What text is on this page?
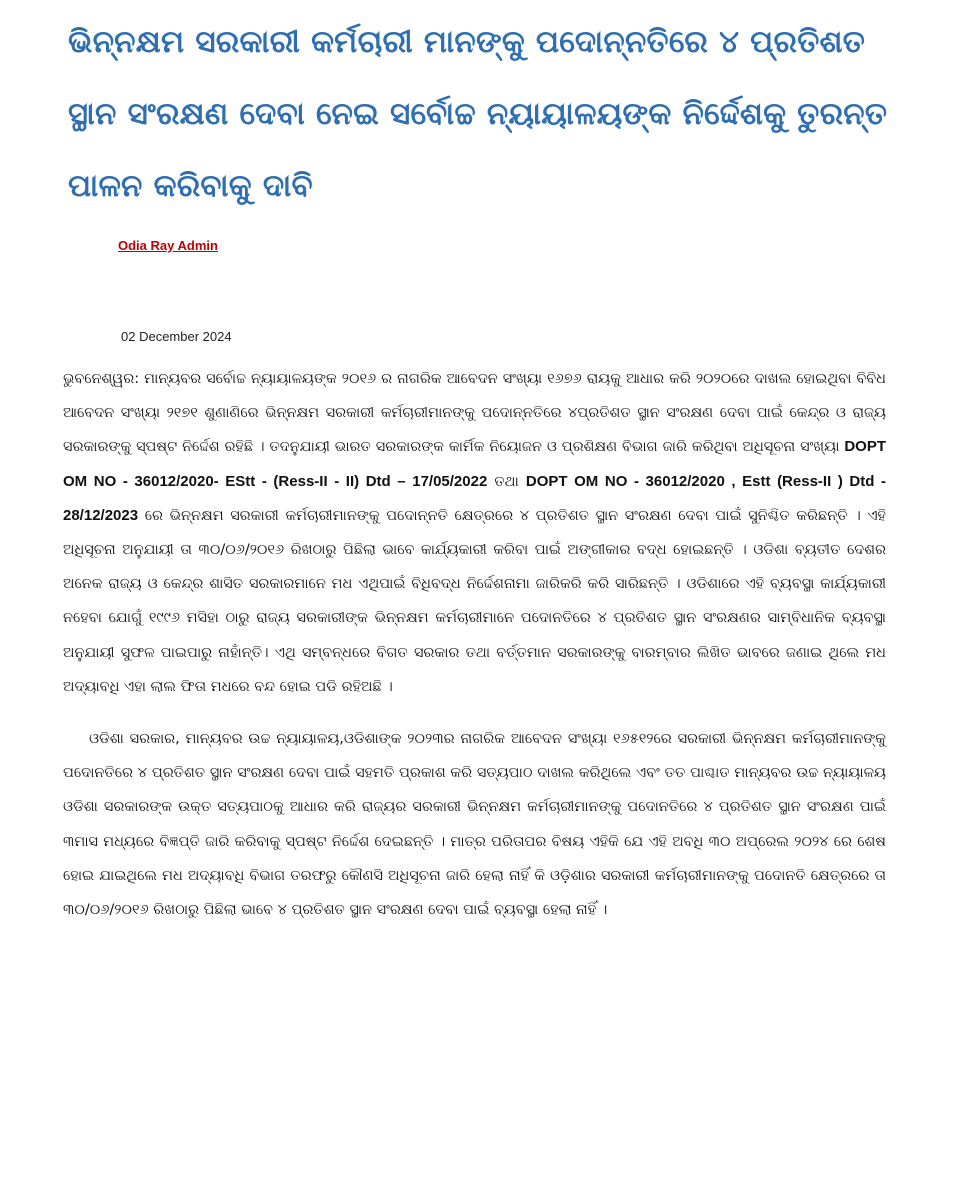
ଭିନ୍ନକ୍ଷମ ସରକାରୀ କର୍ମଚାରୀ ମାନଙ୍କୁ ପଦୋନ୍ନତିରେ ୪ ପ୍ରତିଶତ ସ୍ଥାନ ସଂରକ୍ଷଣ ଦେବା ନେଇ ସର୍ବୋଚ୍ଚ ନ୍ୟାୟାଳୟଙ୍କ ନିର୍ଦ୍ଦେଶକୁ ତୁରନ୍ତ ପାଳନ କରିବାକୁ ଦାବି
Odia Ray Admin
02 December 2024

ଭୁବନେଶ୍ୱର: ମାନ୍ୟବର ସର୍ବୋଚ୍ଚ ନ୍ୟାୟାଳୟଙ୍କ ୨୦୧୬ ର ନାଗରିକ ଆବେଦନ ସଂଖ୍ୟା ୧୬୭୬ ରାୟକୁ ଆଧାର କରି ୨୦୨୦ରେ ଦାଖଲ ହୋଇଥିବା ବିବିଧ ଆବେଦନ ସଂଖ୍ୟା ୨୧୭୧ ଶୁଣାଣିରେ ଭିନ୍ନକ୍ଷମ ସରକାରୀ କର୍ମଚାରୀମାନଙ୍କୁ ପଦୋନ୍ନତିରେ ୪ପ୍ରତିଶତ ସ୍ଥାନ ସଂରକ୍ଷଣ ଦେବା ପାଇଁ କେନ୍ଦ୍ର ଓ ରାଜ୍ୟ ସରକାରଙ୍କୁ ସ୍ପଷ୍ଟ ନିର୍ଦ୍ଦେଶ ରହିଛି । ତଦନୁଯାୟୀ ଭାରତ ସରକାରଙ୍କ କାର୍ମିକ ନିୟୋଜନ ଓ ପ୍ରଶିକ୍ଷଣ ବିଭାଗ ଜାରି କରିଥିବା ଅଧିସୂଚନା ସଂଖ୍ୟା DOPT OM NO - 36012/2020- EStt - (Ress-II - II) Dtd – 17/05/2022 ତଥା DOPT OM NO - 36012/2020 , Estt (Ress-II ) Dtd - 28/12/2023 ରେ ଭିନ୍ନକ୍ଷମ ସରକାରୀ କର୍ମଚାରୀମାନଙ୍କୁ ପଦୋନ୍ନତି କ୍ଷେତ୍ରରେ ୪ ପ୍ରତିଶତ ସ୍ଥାନ ସଂରକ୍ଷଣ ଦେବା ପାଇଁ ସୁନିଶ୍ଚିତ କରିଛନ୍ତି । ଏହି ଅଧିସୂଚନା ଅନୁଯାୟୀ ତା ୩୦/୦୬/୨୦୧୬ ରିଖଠାରୁ ପିଛିଲା ଭାବେ କାର୍ଯ୍ୟକାରୀ କରିବା ପାଇଁ ଅଙ୍ଗୀକାର ବଦ୍ଧ ହୋଇଛନ୍ତି । ଓଡିଶା ବ୍ୟତୀତ ଦେଶର ଅନେକ ରାଜ୍ୟ ଓ କେନ୍ଦ୍ର ଶାସିତ ସରକାରମାନେ ମଧ ଏଥିପାଇଁ ବିଧିବଦ୍ଧ ନିର୍ଦ୍ଦେଶନାମା ଜାରିକରି କରି ସାରିଛନ୍ତି । ଓଡିଶାରେ ଏହି ବ୍ୟବସ୍ଥା କାର୍ଯ୍ୟକାରୀ ନହେବା ଯୋଗୁଁ ୧୯୯୬ ମସିହା ଠାରୁ ରାଜ୍ୟ ସରକାରୀଙ୍କ ଭିନ୍ନକ୍ଷମ କର୍ମଚାରୀମାନେ ପଦୋନତିରେ ୪ ପ୍ରତିଶତ ସ୍ଥାନ ସଂରକ୍ଷଣର ସାମ୍ବିଧାନିକ ବ୍ୟବସ୍ଥା ଅନୁଯାୟୀ ସୁଫଳ ପାଇପାରୁ ନାହାଁନ୍ତି। ଏଥି ସମ୍ବନ୍ଧରେ ବିଗତ ସରକାର ତଥା ବର୍ତ୍ତମାନ ସରକାରଙ୍କୁ ବାରମ୍ବାର ଲିଖିତ ଭାବରେ ଜଣାଇ ଥିଲେ ମଧ ଅଦ୍ୟାବଧି ଏହା ଲାଲ ଫିତା ମଧରେ ବନ୍ଦ ହୋଇ ପଡି ରହିଅଛି ।

ଓଡିଶା ସରକାର, ମାନ୍ୟବର ଉଚ୍ଚ ନ୍ୟାୟାଳୟ,ଓଡିଶାଙ୍କ ୨୦୨୩ର ନାଗରିକ ଆବେଦନ ସଂଖ୍ୟା ୧୬୫୧୨ରେ ସରକାରୀ ଭିନ୍ନକ୍ଷମ କର୍ମଚାରୀମାନଙ୍କୁ ପଦୋନତିରେ ୪ ପ୍ରତିଶତ ସ୍ଥାନ ସଂରକ୍ଷଣ ଦେବା ପାଇଁ ସହମତି ପ୍ରକାଶ କରି ସତ୍ୟପାଠ ଦାଖଲ କରିଥିଲେ ଏବଂ ତତ ପାଶ୍ଚାତ ମାନ୍ୟବର ଉଚ୍ଚ ନ୍ୟାୟାଳୟ ଓଡିଶା ସରକାରଙ୍କ ଉକ୍ତ ସତ୍ୟପାଠକୁ ଆଧାର କରି ରାଜ୍ୟର ସରକାରୀ ଭିନ୍ନକ୍ଷମ କର୍ମଚାରୀମାନଙ୍କୁ ପଦୋନତିରେ ୪ ପ୍ରତିଶତ ସ୍ଥାନ ସଂରକ୍ଷଣ ପାଇଁ ୩ମାସ ମଧ୍ୟରେ ବିଜ୍ଞପ୍ତି ଜାରି କରିବାକୁ ସ୍ପଷ୍ଟ ନିର୍ଦ୍ଦେଶ ଦେଇଛନ୍ତି । ମାତ୍ର ପରିତାପର ବିଷୟ ଏହିକି ଯେ ଏହି ଅବଧି ୩୦ ଅପ୍ରେଲ ୨୦୨୪ ରେ ଶେଷ ହୋଇ ଯାଇଥିଲେ ମଧ ଅଦ୍ୟାବଧି ବିଭାଗ ତରଫରୁ କୌଣସି ଅଧିସୂଚନା ଜାରି ହେଲା ନାହିଁ କି ଓଡ଼ିଶାର ସରକାରୀ କର୍ମଚାରୀମାନଙ୍କୁ ପଦୋନତି କ୍ଷେତ୍ରରେ ତା ୩୦/୦୬/୨୦୧୬ ରିଖଠାରୁ ପିଛିଲା ଭାବେ ୪ ପ୍ରତିଶତ ସ୍ଥାନ ସଂରକ୍ଷଣ ଦେବା ପାଇଁ ବ୍ୟବସ୍ଥା ହେଲା ନାହିଁ ।
